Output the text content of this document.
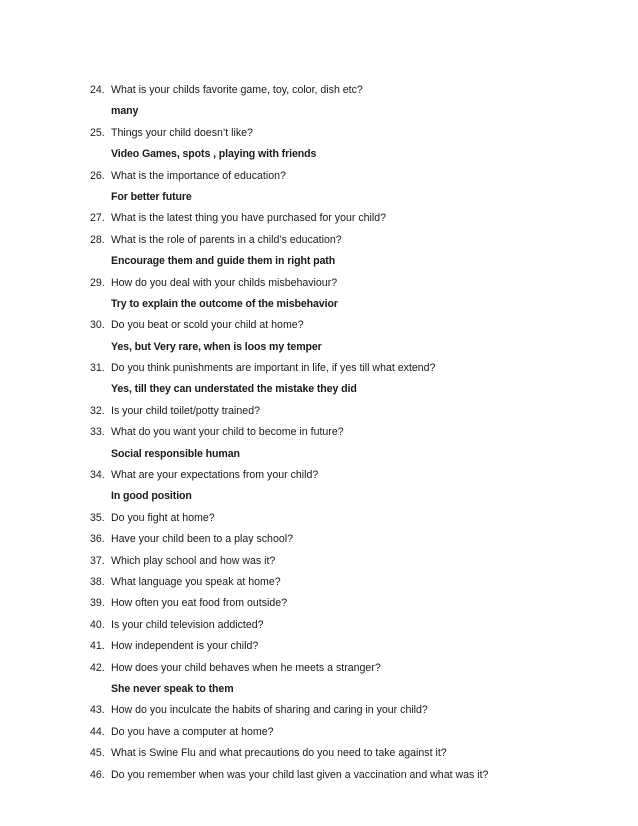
24. What is your childs favorite game, toy, color, dish etc?
many
25. Things your child doesn’t like?
Video Games, spots , playing with friends
26. What is the importance of education?
For better future
27. What is the latest thing you have purchased for your child?
28. What is the role of parents in a child’s education?
Encourage them and guide them in right path
29. How do you deal with your childs misbehaviour?
Try to explain the outcome of the misbehavior
30. Do you beat or scold your child at home?
Yes, but Very rare, when is loos my temper
31. Do you think punishments are important in life, if yes till what extend?
Yes, till they can understated the mistake they did
32. Is your child toilet/potty trained?
33. What do you want your child to become in future?
Social responsible human
34. What are your expectations from your child?
In good position
35. Do you fight at home?
36. Have your child been to a play school?
37. Which play school and how was it?
38. What language you speak at home?
39. How often you eat food from outside?
40. Is your child television addicted?
41. How independent is your child?
42. How does your child behaves when he meets a stranger?
She never speak to them
43. How do you inculcate the habits of sharing and caring in your child?
44. Do you have a computer at home?
45. What is Swine Flu and what precautions do you need to take against it?
46. Do you remember when was your child last given a vaccination and what was it?
